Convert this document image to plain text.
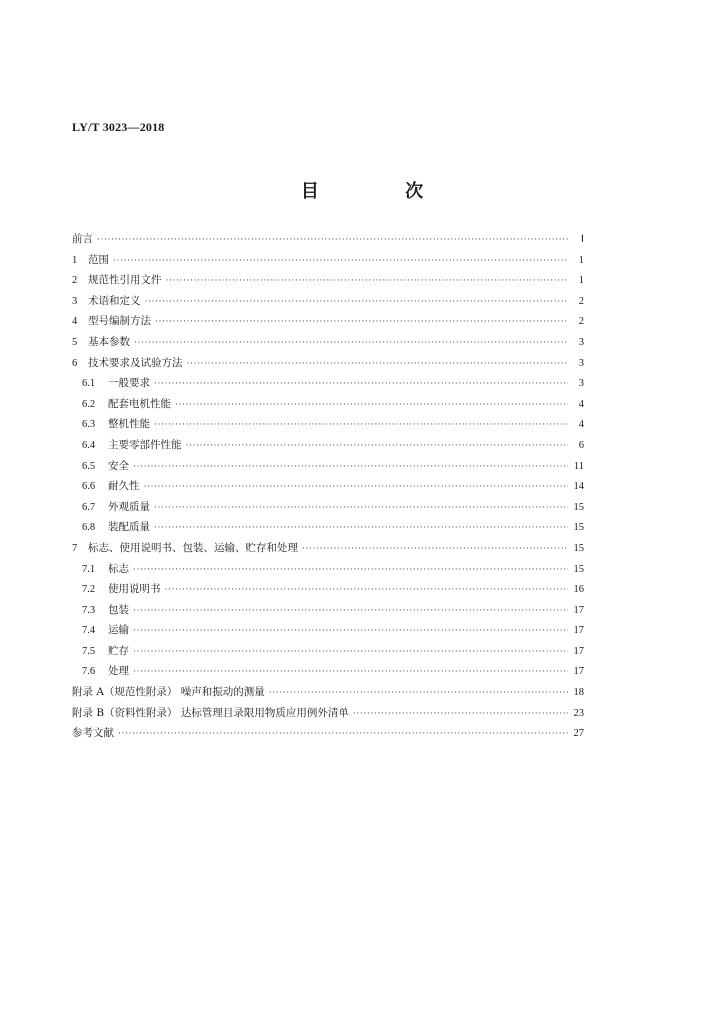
LY/T 3023—2018
目 次
前言 ·····	Ⅰ
1	范围 ·····	1
2	规范性引用文件 ·····	1
3	术语和定义 ·····	2
4	型号编制方法 ·····	2
5	基本参数 ·····	3
6	技术要求及试验方法 ·····	3
6.1	一般要求 ·····	3
6.2	配套电机性能 ·····	4
6.3	整机性能 ·····	4
6.4	主要零部件性能 ·····	6
6.5	安全 ·····	11
6.6	耐久性 ·····	14
6.7	外观质量 ·····	15
6.8	装配质量 ·····	15
7	标志、使用说明书、包装、运输、贮存和处理 ·····	15
7.1	标志 ·····	15
7.2	使用说明书 ·····	16
7.3	包装 ·····	17
7.4	运输 ·····	17
7.5	贮存 ·····	17
7.6	处理 ·····	17
附录 A（规范性附录） 噪声和振动的测量 ·····	18
附录 B（资料性附录） 达标管理目录限用物质应用例外清单 ·····	23
参考文献 ·····	27
